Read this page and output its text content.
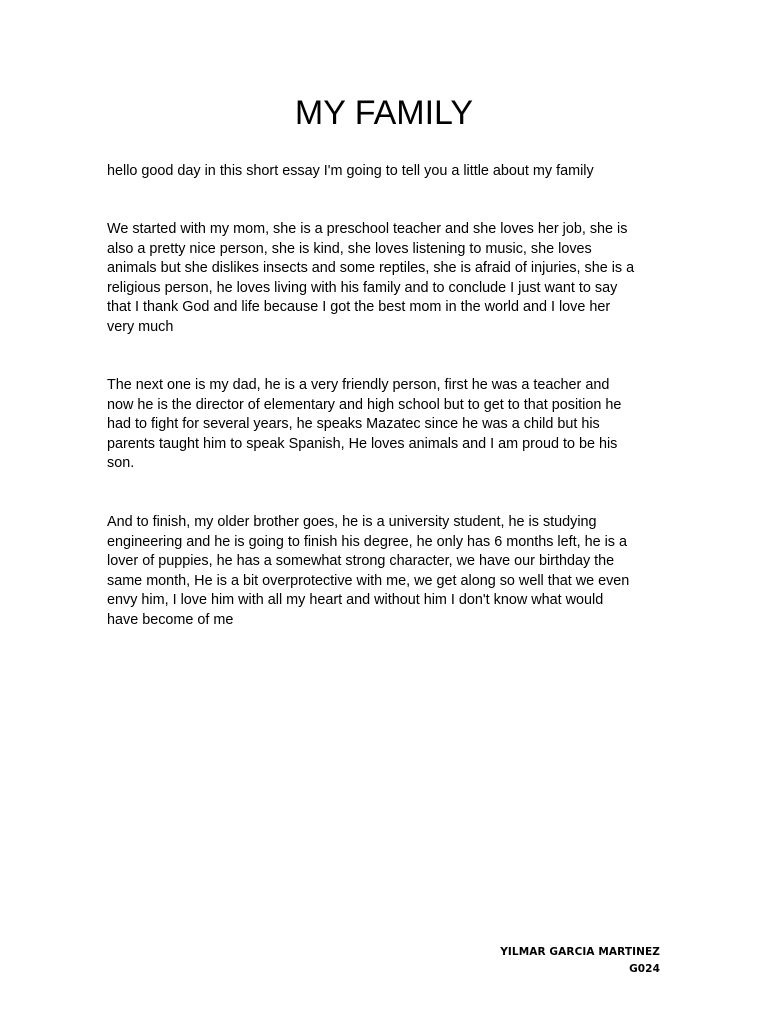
MY FAMILY

hello good day in this short essay I'm going to tell you a little about my family

We started with my mom, she is a preschool teacher and she loves her job, she is
also a pretty nice person, she is kind, she loves listening to music, she loves
animals but she dislikes insects and some reptiles, she is afraid of injuries, she is a
religious person, he loves living with his family and to conclude I just want to say
that I thank God and life because I got the best mom in the world and I love her
very much

The next one is my dad, he is a very friendly person, first he was a teacher and
now he is the director of elementary and high school but to get to that position he
had to fight for several years, he speaks Mazatec since he was a child but his
parents taught him to speak Spanish, He loves animals and I am proud to be his
son.

And to finish, my older brother goes, he is a university student, he is studying
engineering and he is going to finish his degree, he only has 6 months left, he is a
lover of puppies, he has a somewhat strong character, we have our birthday the
same month, He is a bit overprotective with me, we get along so well that we even
envy him, I love him with all my heart and without him I don't know what would
have become of me

YILMAR GARCIA MARTINEZ
G024
